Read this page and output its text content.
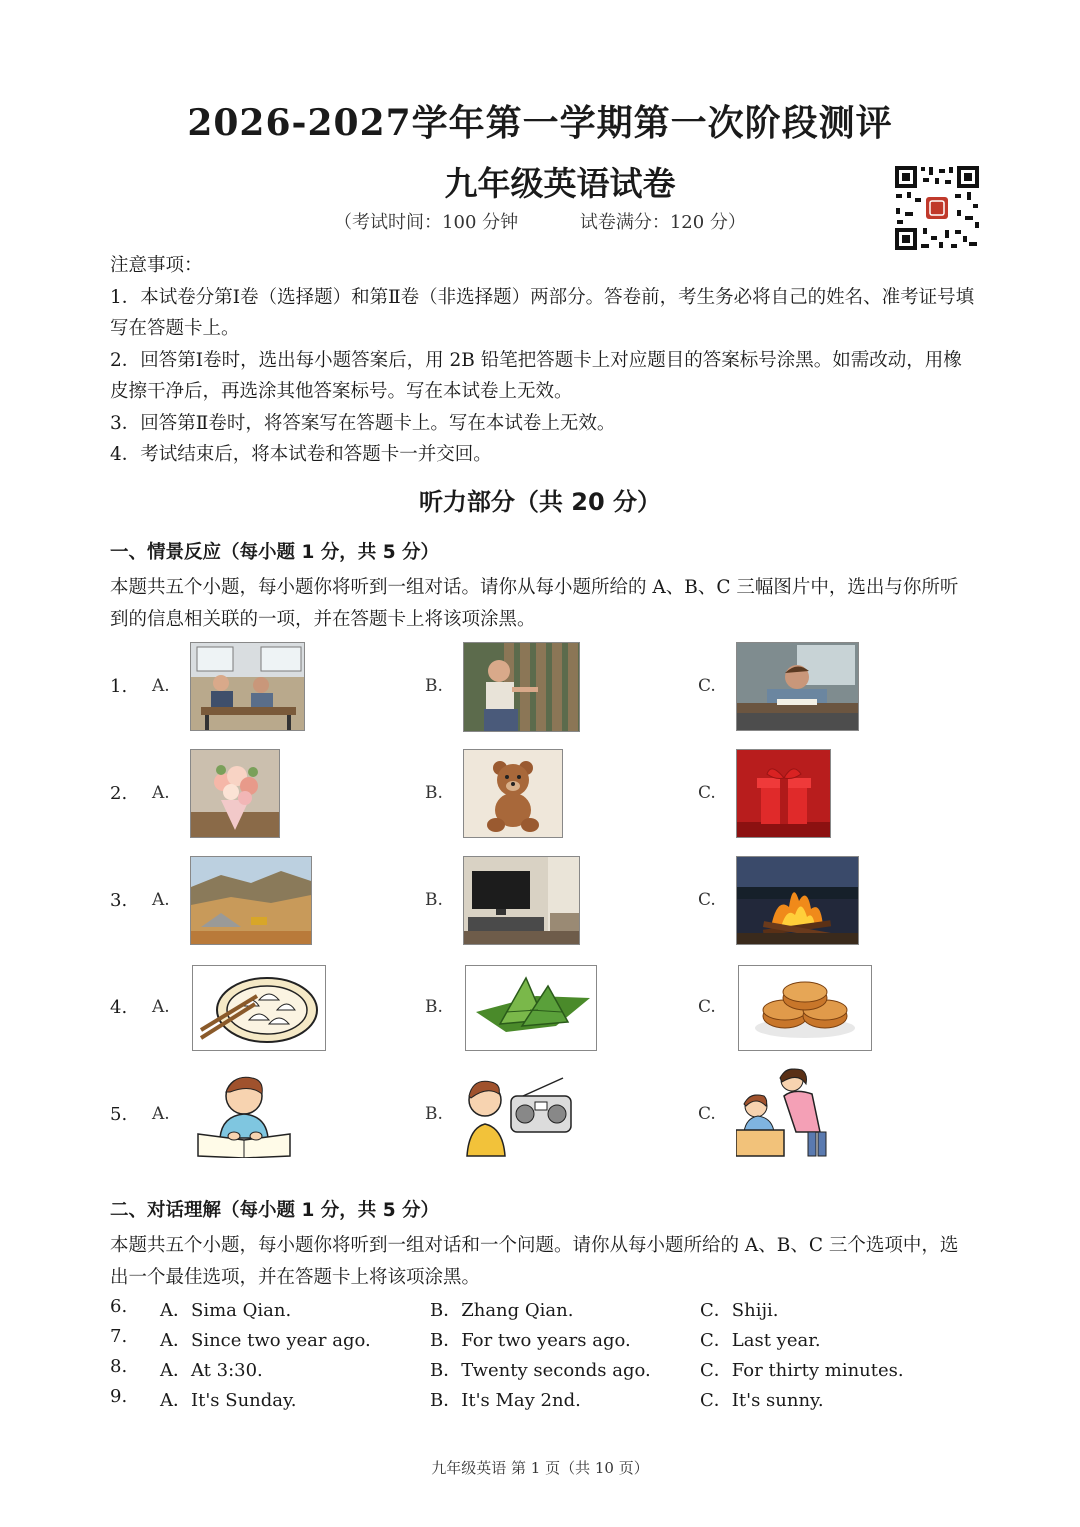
2026-2027学年第一学期第一次阶段测评
九年级英语试卷
（考试时间：100 分钟	试卷满分：120 分）
注意事项：
1．本试卷分第Ⅰ卷（选择题）和第Ⅱ卷（非选择题）两部分。答卷前，考生务必将自己的姓名、准考证号填写在答题卡上。
2．回答第Ⅰ卷时，选出每小题答案后，用 2B 铅笔把答题卡上对应题目的答案标号涂黑。如需改动，用橡皮擦干净后，再选涂其他答案标号。写在本试卷上无效。
3．回答第Ⅱ卷时，将答案写在答题卡上。写在本试卷上无效。
4．考试结束后，将本试卷和答题卡一并交回。
听力部分（共 20 分）
一、情景反应（每小题 1 分，共 5 分）
本题共五个小题，每小题你将听到一组对话。请你从每小题所给的 A、B、C 三幅图片中，选出与你所听到的信息相关联的一项，并在答题卡上将该项涂黑。
1. A.	B.	C.
2. A.	B.	C.
3. A.	B.	C.
4. A.	B.	C.
5. A.	B.	C.
二、对话理解（每小题 1 分，共 5 分）
本题共五个小题，每小题你将听到一组对话和一个问题。请你从每小题所给的 A、B、C 三个选项中，选出一个最佳选项，并在答题卡上将该项涂黑。
6. A．Sima Qian.	B．Zhang Qian.	C．Shiji.
7. A．Since two year ago.	B．For two years ago.	C．Last year.
8. A．At 3:30.	B．Twenty seconds ago.	C．For thirty minutes.
9. A．It's Sunday.	B．It's May 2nd.	C．It's sunny.
九年级英语 第 1 页（共 10 页）
